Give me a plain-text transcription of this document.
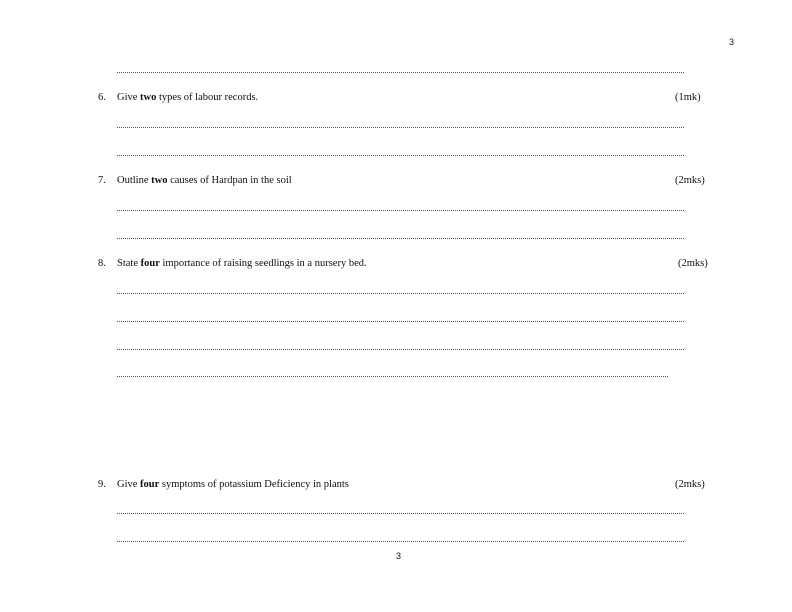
3
6. Give two types of labour records.	(1mk)
7. Outline two causes of Hardpan in the soil	(2mks)
8. State four importance of raising seedlings in a nursery bed.	(2mks)
9. Give four symptoms of potassium Deficiency in plants	(2mks)
3
